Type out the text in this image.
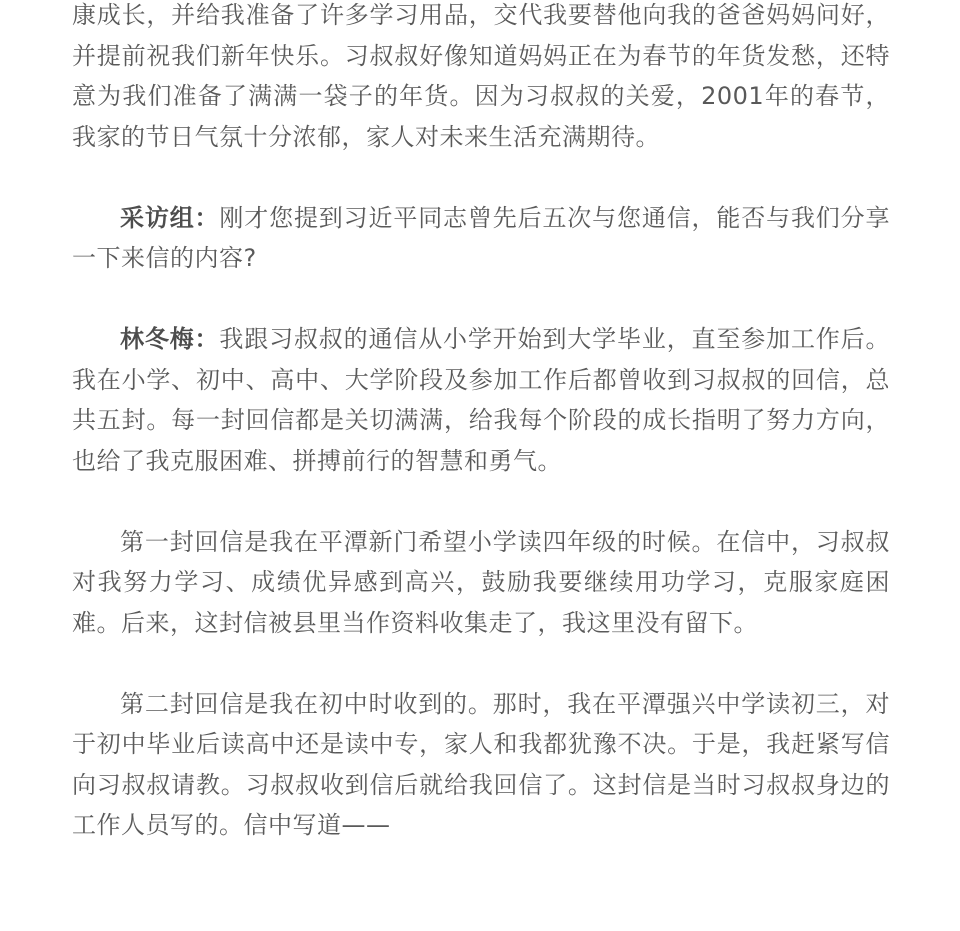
康成长，并给我准备了许多学习用品，交代我要替他向我的爸爸妈妈问好，并提前祝我们新年快乐。习叔叔好像知道妈妈正在为春节的年货发愁，还特意为我们准备了满满一袋子的年货。因为习叔叔的关爱，2001年的春节，我家的节日气氛十分浓郁，家人对未来生活充满期待。

采访组：刚才您提到习近平同志曾先后五次与您通信，能否与我们分享一下来信的内容?

林冬梅：我跟习叔叔的通信从小学开始到大学毕业，直至参加工作后。我在小学、初中、高中、大学阶段及参加工作后都曾收到习叔叔的回信，总共五封。每一封回信都是关切满满，给我每个阶段的成长指明了努力方向，也给了我克服困难、拼搏前行的智慧和勇气。

第一封回信是我在平潭新门希望小学读四年级的时候。在信中，习叔叔对我努力学习、成绩优异感到高兴，鼓励我要继续用功学习，克服家庭困难。后来，这封信被县里当作资料收集走了，我这里没有留下。

第二封回信是我在初中时收到的。那时，我在平潭强兴中学读初三，对于初中毕业后读高中还是读中专，家人和我都犹豫不决。于是，我赶紧写信向习叔叔请教。习叔叔收到信后就给我回信了。这封信是当时习叔叔身边的工作人员写的。信中写道——
